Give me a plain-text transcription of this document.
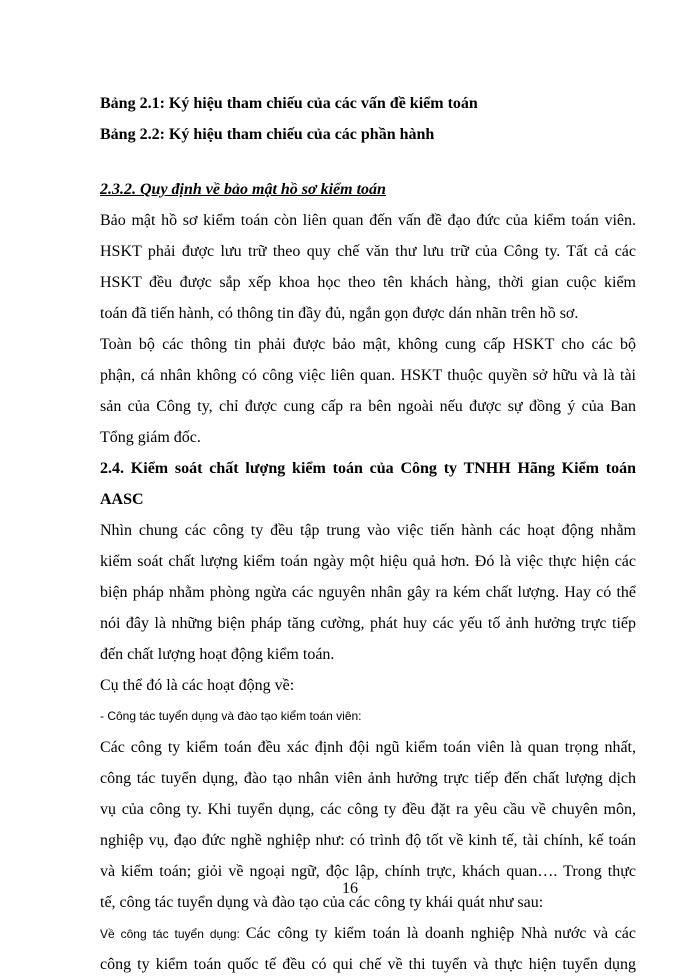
Bảng 2.1: Ký hiệu tham chiếu của các vấn đề kiểm toán
Bảng 2.2: Ký hiệu tham chiếu của các phần hành
2.3.2. Quy định về bảo mật hồ sơ kiểm toán
Bảo mật hồ sơ kiểm toán còn liên quan đến vấn đề đạo đức của kiểm toán viên.
HSKT phải được lưu trữ theo quy chế văn thư lưu trữ của Công ty. Tất cả các
HSKT đều được sắp xếp khoa học theo tên khách hàng, thời gian cuộc kiểm
toán đã tiến hành, có thông tin đầy đủ, ngắn gọn được dán nhãn trên hồ sơ.
Toàn bộ các thông tin phải được bảo mật, không cung cấp HSKT cho các bộ
phận, cá nhân không có công việc liên quan. HSKT thuộc quyền sở hữu và là tài
sản của Công ty, chỉ được cung cấp ra bên ngoài nếu được sự đồng ý của Ban
Tổng giám đốc.
2.4. Kiểm soát chất lượng kiểm toán của Công ty TNHH Hãng Kiểm toán
AASC
Nhìn chung các công ty đều tập trung vào việc tiến hành các hoạt động nhằm
kiểm soát chất lượng kiểm toán ngày một hiệu quả hơn. Đó là việc thực hiện các
biện pháp nhằm phòng ngừa các nguyên nhân gây ra kém chất lượng. Hay có thể
nói đây là những biện pháp tăng cường, phát huy các yếu tố ảnh hưởng trực tiếp
đến chất lượng hoạt động kiểm toán.
Cụ thể đó là các hoạt động về:
- Công tác tuyển dụng và đào tạo kiểm toán viên:
Các công ty kiểm toán đều xác định đội ngũ kiểm toán viên là quan trọng nhất,
công tác tuyển dụng, đào tạo nhân viên ảnh hưởng trực tiếp đến chất lượng dịch
vụ của công ty. Khi tuyển dụng, các công ty đều đặt ra yêu cầu về chuyên môn,
nghiệp vụ, đạo đức nghề nghiệp như: có trình độ tốt về kinh tế, tài chính, kế toán
và kiểm toán; giỏi về ngoại ngữ, độc lập, chính trực, khách quan…. Trong thực
tế, công tác tuyển dụng và đào tạo của các công ty khái quát như sau:
Về công tác tuyển dụng: Các công ty kiểm toán là doanh nghiệp Nhà nước và các
công ty kiểm toán quốc tế đều có qui chế về thi tuyển và thực hiện tuyển dụng
16
